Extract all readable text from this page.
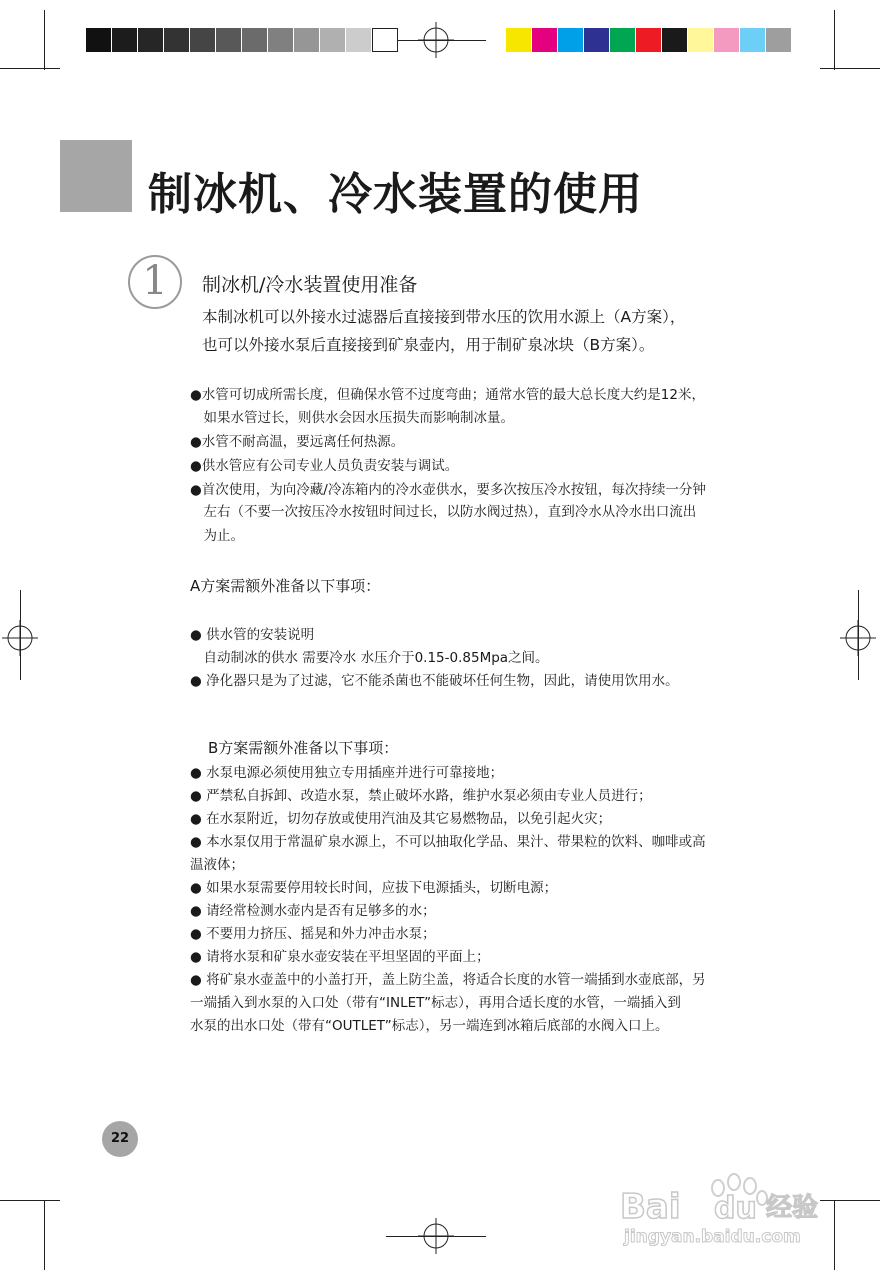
制冰机、冷水装置的使用
1	制冰机/冷水装置使用准备
本制冰机可以外接水过滤器后直接接到带水压的饮用水源上（A方案），
也可以外接水泵后直接接到矿泉壶内，用于制矿泉冰块（B方案）。
●水管可切成所需长度，但确保水管不过度弯曲；通常水管的最大总长度大约是12米，
　如果水管过长，则供水会因水压损失而影响制冰量。
●水管不耐高温，要远离任何热源。
●供水管应有公司专业人员负责安装与调试。
●首次使用，为向冷藏/冷冻箱内的冷水壶供水，要多次按压冷水按钮，每次持续一分钟
　左右（不要一次按压冷水按钮时间过长，以防水阀过热），直到冷水从冷水出口流出
　为止。
A方案需额外准备以下事项：
● 供水管的安装说明
　自动制冰的供水 需要冷水 水压介于0.15-0.85Mpa之间。
● 净化器只是为了过滤，它不能杀菌也不能破坏任何生物，因此，请使用饮用水。
B方案需额外准备以下事项：
● 水泵电源必须使用独立专用插座并进行可靠接地；
● 严禁私自拆卸、改造水泵，禁止破坏水路，维护水泵必须由专业人员进行；
● 在水泵附近，切勿存放或使用汽油及其它易燃物品，以免引起火灾；
● 本水泵仅用于常温矿泉水源上，不可以抽取化学品、果汁、带果粒的饮料、咖啡或高
温液体；
● 如果水泵需要停用较长时间，应拔下电源插头，切断电源；
● 请经常检测水壶内是否有足够多的水；
● 不要用力挤压、摇晃和外力冲击水泵；
● 请将水泵和矿泉水壶安装在平坦坚固的平面上；
● 将矿泉水壶盖中的小盖打开，盖上防尘盖，将适合长度的水管一端插到水壶底部，另
一端插入到水泵的入口处（带有“INLET”标志），再用合适长度的水管，一端插入到
水泵的出水口处（带有“OUTLET”标志），另一端连到冰箱后底部的水阀入口上。
22
Bai du 经验
jingyan.baidu.com
